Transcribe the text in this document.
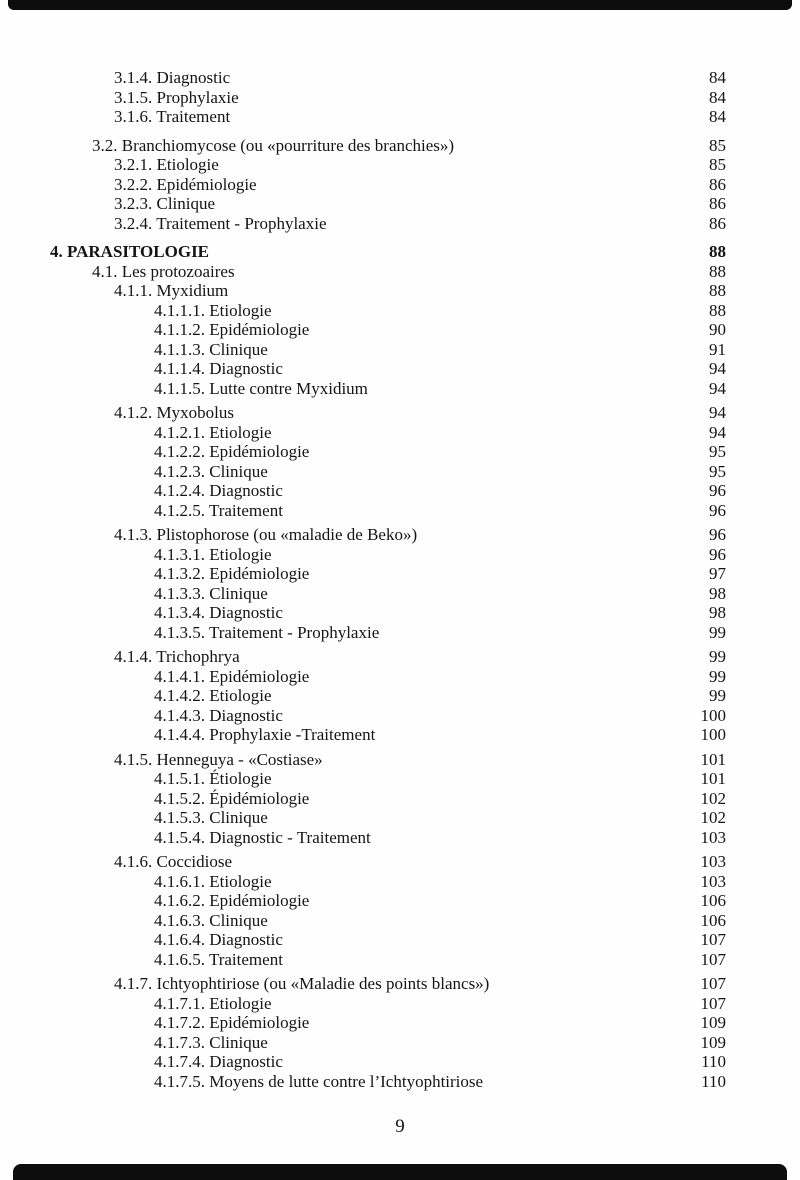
3.1.4. Diagnostic	84
3.1.5. Prophylaxie	84
3.1.6. Traitement	84
3.2. Branchiomycose (ou «pourriture des branchies»)	85
3.2.1. Etiologie	85
3.2.2. Epidémiologie	86
3.2.3. Clinique	86
3.2.4. Traitement - Prophylaxie	86
4. PARASITOLOGIE	88
4.1. Les protozoaires	88
4.1.1. Myxidium	88
4.1.1.1. Etiologie	88
4.1.1.2. Epidémiologie	90
4.1.1.3. Clinique	91
4.1.1.4. Diagnostic	94
4.1.1.5. Lutte contre Myxidium	94
4.1.2. Myxobolus	94
4.1.2.1. Etiologie	94
4.1.2.2. Epidémiologie	95
4.1.2.3. Clinique	95
4.1.2.4. Diagnostic	96
4.1.2.5. Traitement	96
4.1.3. Plistophorose (ou «maladie de Beko»)	96
4.1.3.1. Etiologie	96
4.1.3.2. Epidémiologie	97
4.1.3.3. Clinique	98
4.1.3.4. Diagnostic	98
4.1.3.5. Traitement - Prophylaxie	99
4.1.4. Trichophrya	99
4.1.4.1. Epidémiologie	99
4.1.4.2. Etiologie	99
4.1.4.3. Diagnostic	100
4.1.4.4. Prophylaxie -Traitement	100
4.1.5. Henneguya - «Costiase»	101
4.1.5.1. Étiologie	101
4.1.5.2. Épidémiologie	102
4.1.5.3. Clinique	102
4.1.5.4. Diagnostic - Traitement	103
4.1.6. Coccidiose	103
4.1.6.1. Etiologie	103
4.1.6.2. Epidémiologie	106
4.1.6.3. Clinique	106
4.1.6.4. Diagnostic	107
4.1.6.5. Traitement	107
4.1.7. Ichtyophtiriose (ou «Maladie des points blancs»)	107
4.1.7.1. Etiologie	107
4.1.7.2. Epidémiologie	109
4.1.7.3. Clinique	109
4.1.7.4. Diagnostic	110
4.1.7.5. Moyens de lutte contre l’Ichtyophtiriose	110
9
